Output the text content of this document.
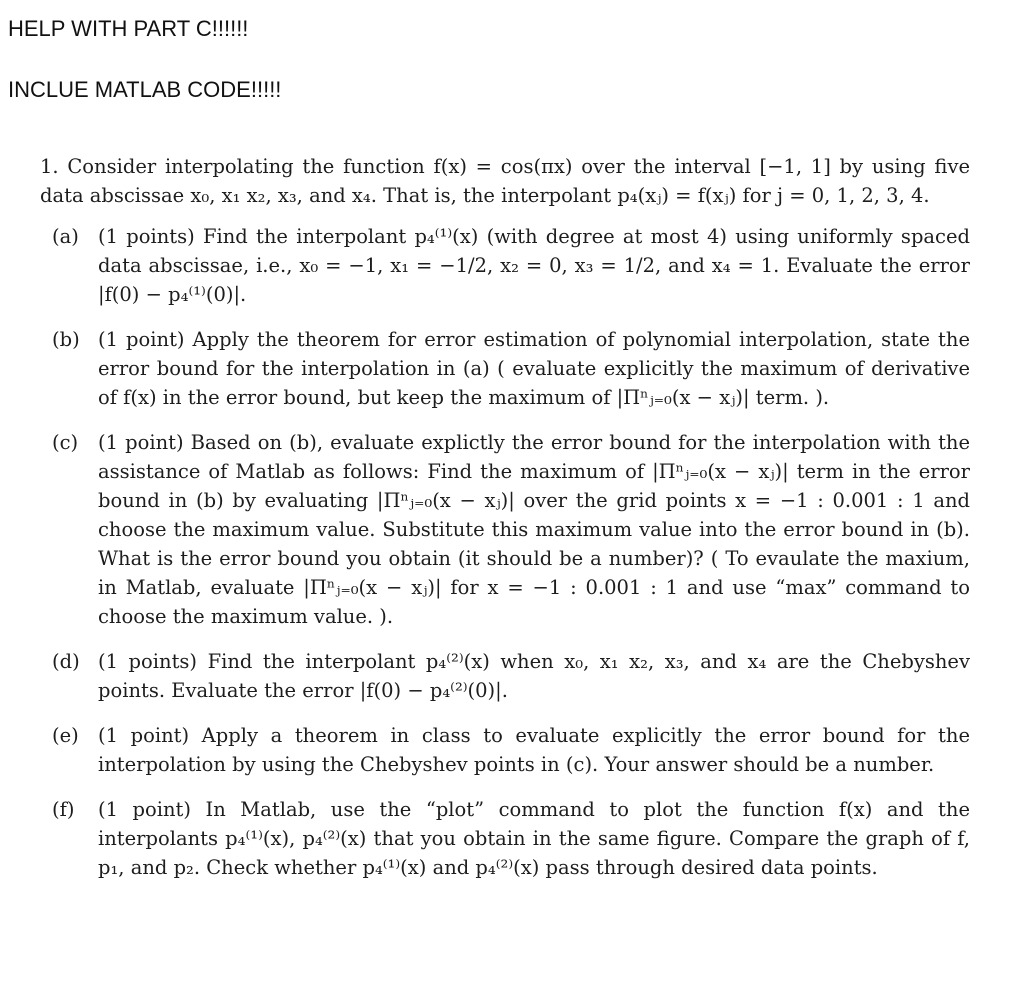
HELP WITH PART C!!!!!!
INCLUE MATLAB CODE!!!!!

1. Consider interpolating the function f(x) = cos(πx) over the interval [−1, 1] by using five data abscissae x₀, x₁ x₂, x₃, and x₄. That is, the interpolant p₄(xⱼ) = f(xⱼ) for j = 0, 1, 2, 3, 4.

(a) (1 points) Find the interpolant p₄⁽¹⁾(x) (with degree at most 4) using uniformly spaced data abscissae, i.e., x₀ = −1, x₁ = −1/2, x₂ = 0, x₃ = 1/2, and x₄ = 1. Evaluate the error |f(0) − p₄⁽¹⁾(0)|.
(b) (1 point) Apply the theorem for error estimation of polynomial interpolation, state the error bound for the interpolation in (a) ( evaluate explicitly the maximum of derivative of f(x) in the error bound, but keep the maximum of |Πⁿⱼ₌₀(x − xⱼ)| term. ).
(c) (1 point) Based on (b), evaluate explictly the error bound for the interpolation with the assistance of Matlab as follows: Find the maximum of |Πⁿⱼ₌₀(x − xⱼ)| term in the error bound in (b) by evaluating |Πⁿⱼ₌₀(x − xⱼ)| over the grid points x = −1 : 0.001 : 1 and choose the maximum value. Substitute this maximum value into the error bound in (b). What is the error bound you obtain (it should be a number)? ( To evaulate the maxium, in Matlab, evaluate |Πⁿⱼ₌₀(x − xⱼ)| for x = −1 : 0.001 : 1 and use “max” command to choose the maximum value. ).
(d) (1 points) Find the interpolant p₄⁽²⁾(x) when x₀, x₁ x₂, x₃, and x₄ are the Chebyshev points. Evaluate the error |f(0) − p₄⁽²⁾(0)|.
(e) (1 point) Apply a theorem in class to evaluate explicitly the error bound for the interpolation by using the Chebyshev points in (c). Your answer should be a number.
(f) (1 point) In Matlab, use the “plot” command to plot the function f(x) and the interpolants p₄⁽¹⁾(x), p₄⁽²⁾(x) that you obtain in the same figure. Compare the graph of f, p₁, and p₂. Check whether p₄⁽¹⁾(x) and p₄⁽²⁾(x) pass through desired data points.
